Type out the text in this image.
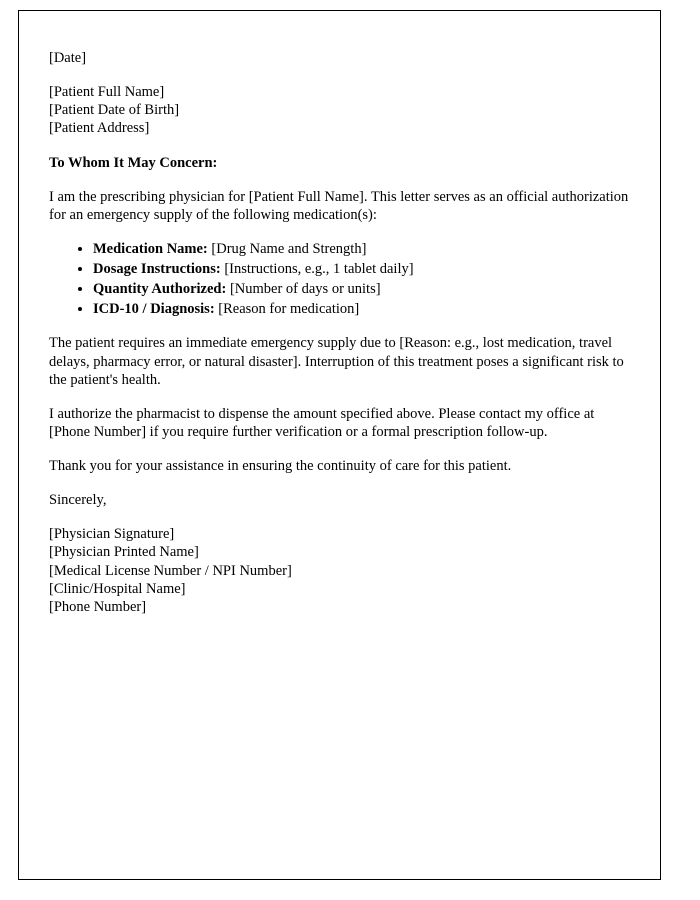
[Date]
[Patient Full Name]
[Patient Date of Birth]
[Patient Address]
To Whom It May Concern:

I am the prescribing physician for [Patient Full Name]. This letter serves as an official authorization for an emergency supply of the following medication(s):

• Medication Name: [Drug Name and Strength]
• Dosage Instructions: [Instructions, e.g., 1 tablet daily]
• Quantity Authorized: [Number of days or units]
• ICD-10 / Diagnosis: [Reason for medication]

The patient requires an immediate emergency supply due to [Reason: e.g., lost medication, travel delays, pharmacy error, or natural disaster]. Interruption of this treatment poses a significant risk to the patient's health.

I authorize the pharmacist to dispense the amount specified above. Please contact my office at [Phone Number] if you require further verification or a formal prescription follow-up.

Thank you for your assistance in ensuring the continuity of care for this patient.

Sincerely,

[Physician Signature]
[Physician Printed Name]
[Medical License Number / NPI Number]
[Clinic/Hospital Name]
[Phone Number]
